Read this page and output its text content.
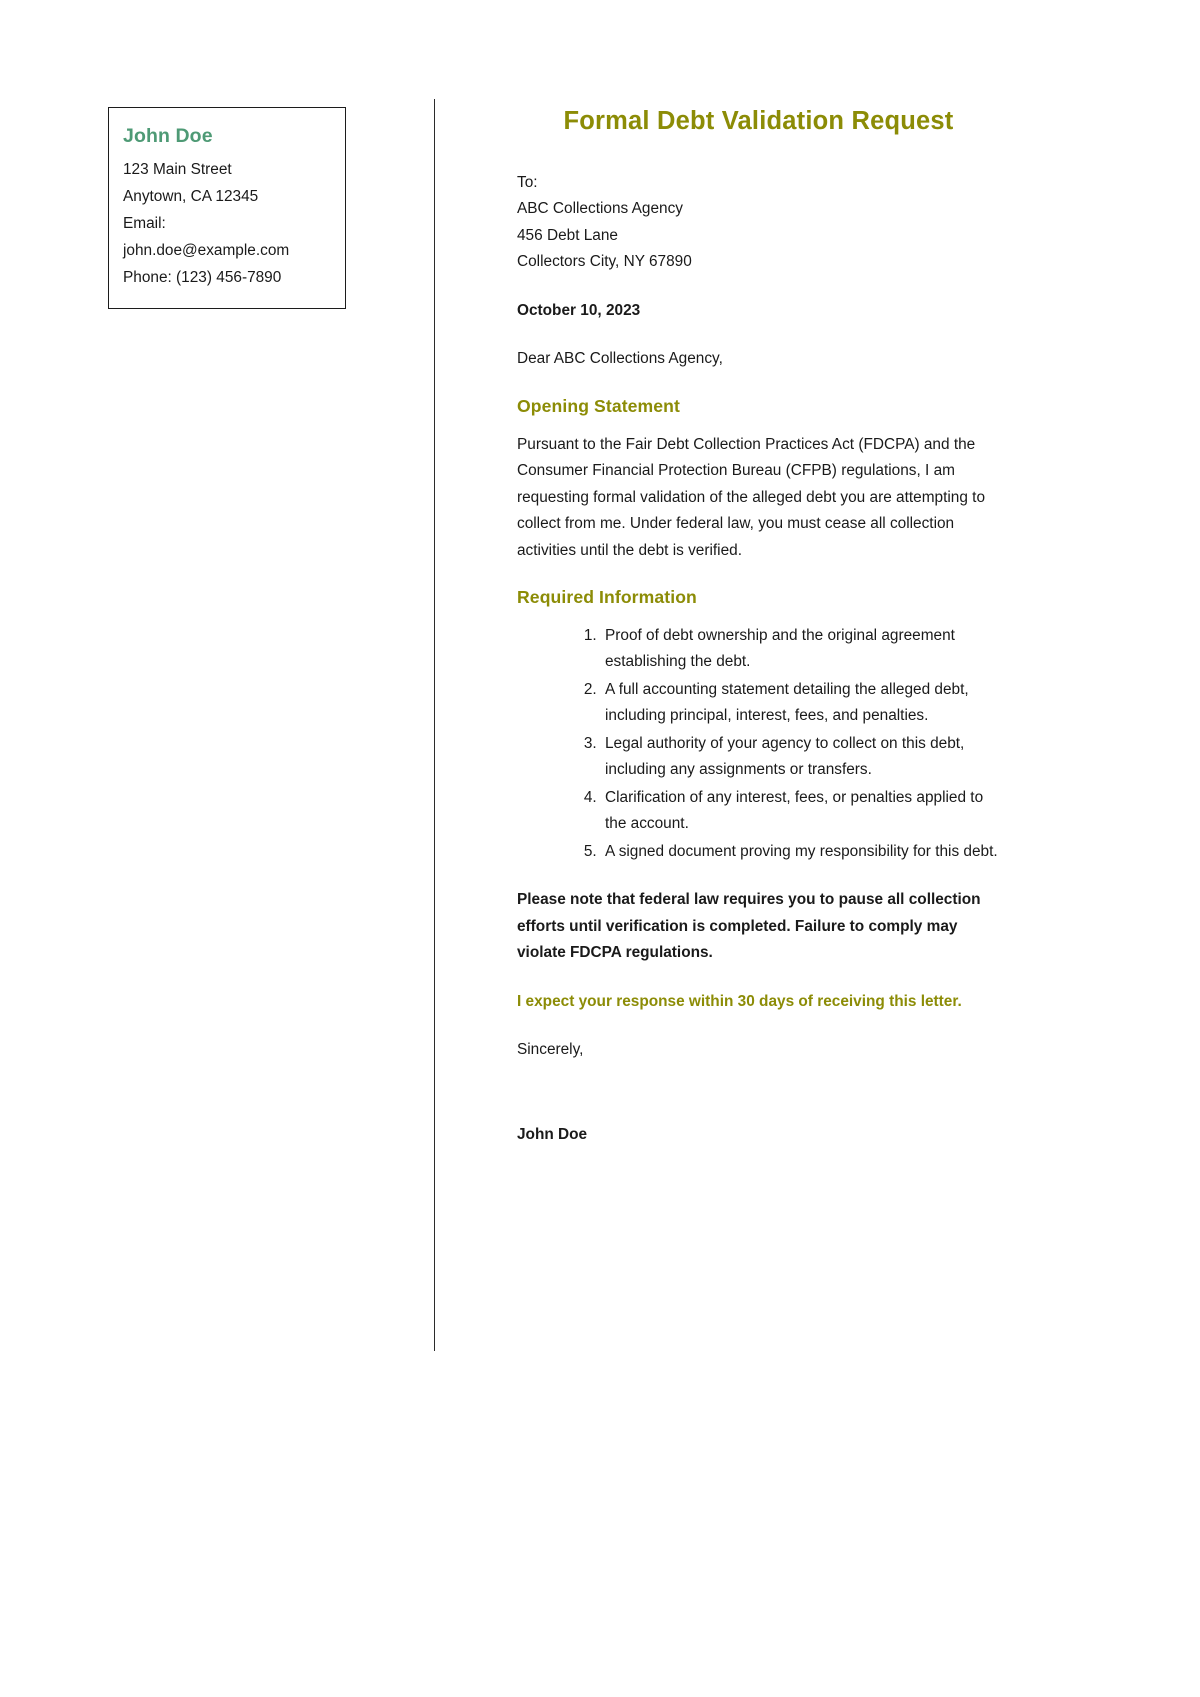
John Doe
123 Main Street
Anytown, CA 12345
Email:
john.doe@example.com
Phone: (123) 456-7890
Formal Debt Validation Request
To:
ABC Collections Agency
456 Debt Lane
Collectors City, NY 67890
October 10, 2023
Dear ABC Collections Agency,
Opening Statement
Pursuant to the Fair Debt Collection Practices Act (FDCPA) and the Consumer Financial Protection Bureau (CFPB) regulations, I am requesting formal validation of the alleged debt you are attempting to collect from me. Under federal law, you must cease all collection activities until the debt is verified.
Required Information
1. Proof of debt ownership and the original agreement establishing the debt.
2. A full accounting statement detailing the alleged debt, including principal, interest, fees, and penalties.
3. Legal authority of your agency to collect on this debt, including any assignments or transfers.
4. Clarification of any interest, fees, or penalties applied to the account.
5. A signed document proving my responsibility for this debt.
Please note that federal law requires you to pause all collection efforts until verification is completed. Failure to comply may violate FDCPA regulations.
I expect your response within 30 days of receiving this letter.
Sincerely,
John Doe
